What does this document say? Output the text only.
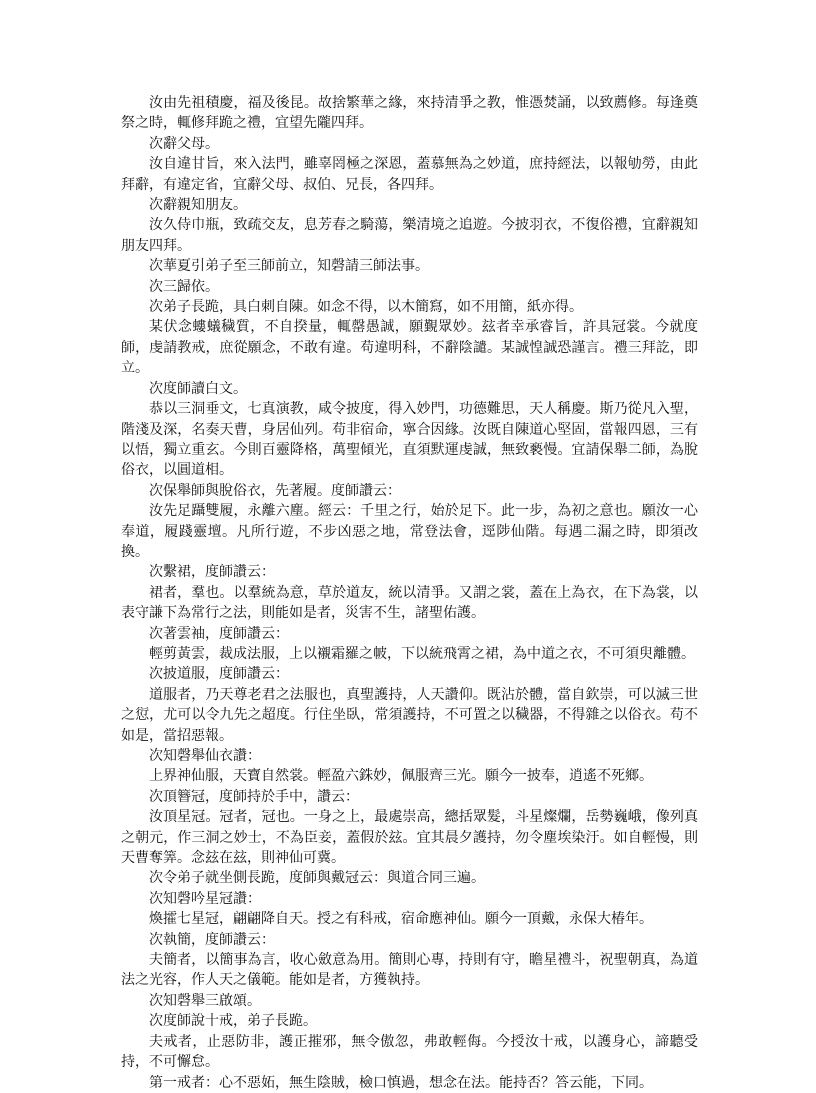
汝由先祖積慶，福及後昆。故捨繁華之緣，來持清爭之教，惟憑焚誦，以致薦修。每逢奠祭之時，輒修拜跪之禮，宜望先隴四拜。

次辭父母。

汝自違甘旨，來入法門，雖辜罔極之深恩，蓋慕無為之妙道，庶持經法，以報劬勞，由此拜辭，有違定省，宜辭父母、叔伯、兄長，各四拜。

次辭親知朋友。

汝久侍巾瓶，致疏交友，息芳春之騎蕩，樂清境之追遊。今披羽衣，不復俗禮，宜辭親知朋友四拜。

次華夏引弟子至三師前立，知磬請三師法事。

次三歸依。

次弟子長跪，具白刺自陳。如念不得，以木簡寫，如不用簡，紙亦得。

某伏念螻蟻穢質，不自揆量，輒罄愚誠，願覲眾妙。玆者幸承睿旨，許具冠裳。今就度師，虔請教戒，庶從願念，不敢有違。苟違明科，不辭陰譴。某誠惶誠恐謹言。禮三拜訖，即立。

次度師讀白文。

恭以三洞垂文，七真演教，咸令披度，得入妙門，功德難思，天人稱慶。斯乃從凡入聖，階淺及深，名奏天曹，身居仙列。苟非宿命，寧合因緣。汝既自陳道心堅固，當報四恩，三有以悟，獨立重玄。今則百靈降格，萬聖傾光，直須默運虔誠，無致褻慢。宜請保舉二師，為脫俗衣，以圓道相。

次保舉師與脫俗衣，先著履。度師讚云：

汝先足躡雙履，永離六塵。經云：千里之行，始於足下。此一步，為初之意也。願汝一心奉道，履踐靈壇。凡所行遊，不步凶惡之地，常登法會，逕陟仙階。每遇二漏之時，即須改換。

次繫裙，度師讚云：

裙者，羣也。以羣統為意，草於道友，統以清爭。又謂之裳，蓋在上為衣，在下為裳，以表守謙下為常行之法，則能如是者，災害不生，諸聖佑護。

次著雲袖，度師讚云：

輕剪黃雲，裁成法服，上以襯霜羅之帔，下以統飛霄之裙，為中道之衣，不可須臾離體。

次披道服，度師讚云：

道服者，乃天尊老君之法服也，真聖護持，人天讚仰。既沾於體，當自欽崇，可以滅三世之愆，尤可以令九先之超度。行住坐臥，常須護持，不可置之以穢器，不得雜之以俗衣。苟不如是，當招惡報。

次知磬舉仙衣讚：

上界神仙服，天寶自然裳。輕盈六銖妙，佩服齊三光。願今一披奉，逍遙不死鄉。

次頂簪冠，度師持於手中，讚云：

汝頂星冠。冠者，冠也。一身之上，最處崇高，總括眾髮，斗星燦爛，岳勢巍峨，像列真之朝元，作三洞之妙士，不為臣妾，蓋假於玆。宜其晨夕護持，勿令塵埃染汙。如自輕慢，則天曹奪筭。念玆在玆，則神仙可冀。

次令弟子就坐側長跪，度師與戴冠云：與道合同三遍。

次知磬吟星冠讚：

煥攉七星冠，翩翩降自天。授之有科戒，宿命應神仙。願今一頂戴，永保大椿年。

次執簡，度師讚云：

夫簡者，以簡事為言，收心斂意為用。簡則心專，持則有守，瞻星禮斗，祝聖朝真，為道法之光容，作人天之儀範。能如是者，方獲執持。

次知磬舉三啟頌。

次度師說十戒，弟子長跪。

夫戒者，止惡防非，護正摧邪，無令傲忽，弗敢輕侮。今授汝十戒，以護身心，諦聽受持，不可懈怠。

第一戒者：心不惡妬，無生陰賊，檢口慎過，想念在法。能持否？答云能，下同。
